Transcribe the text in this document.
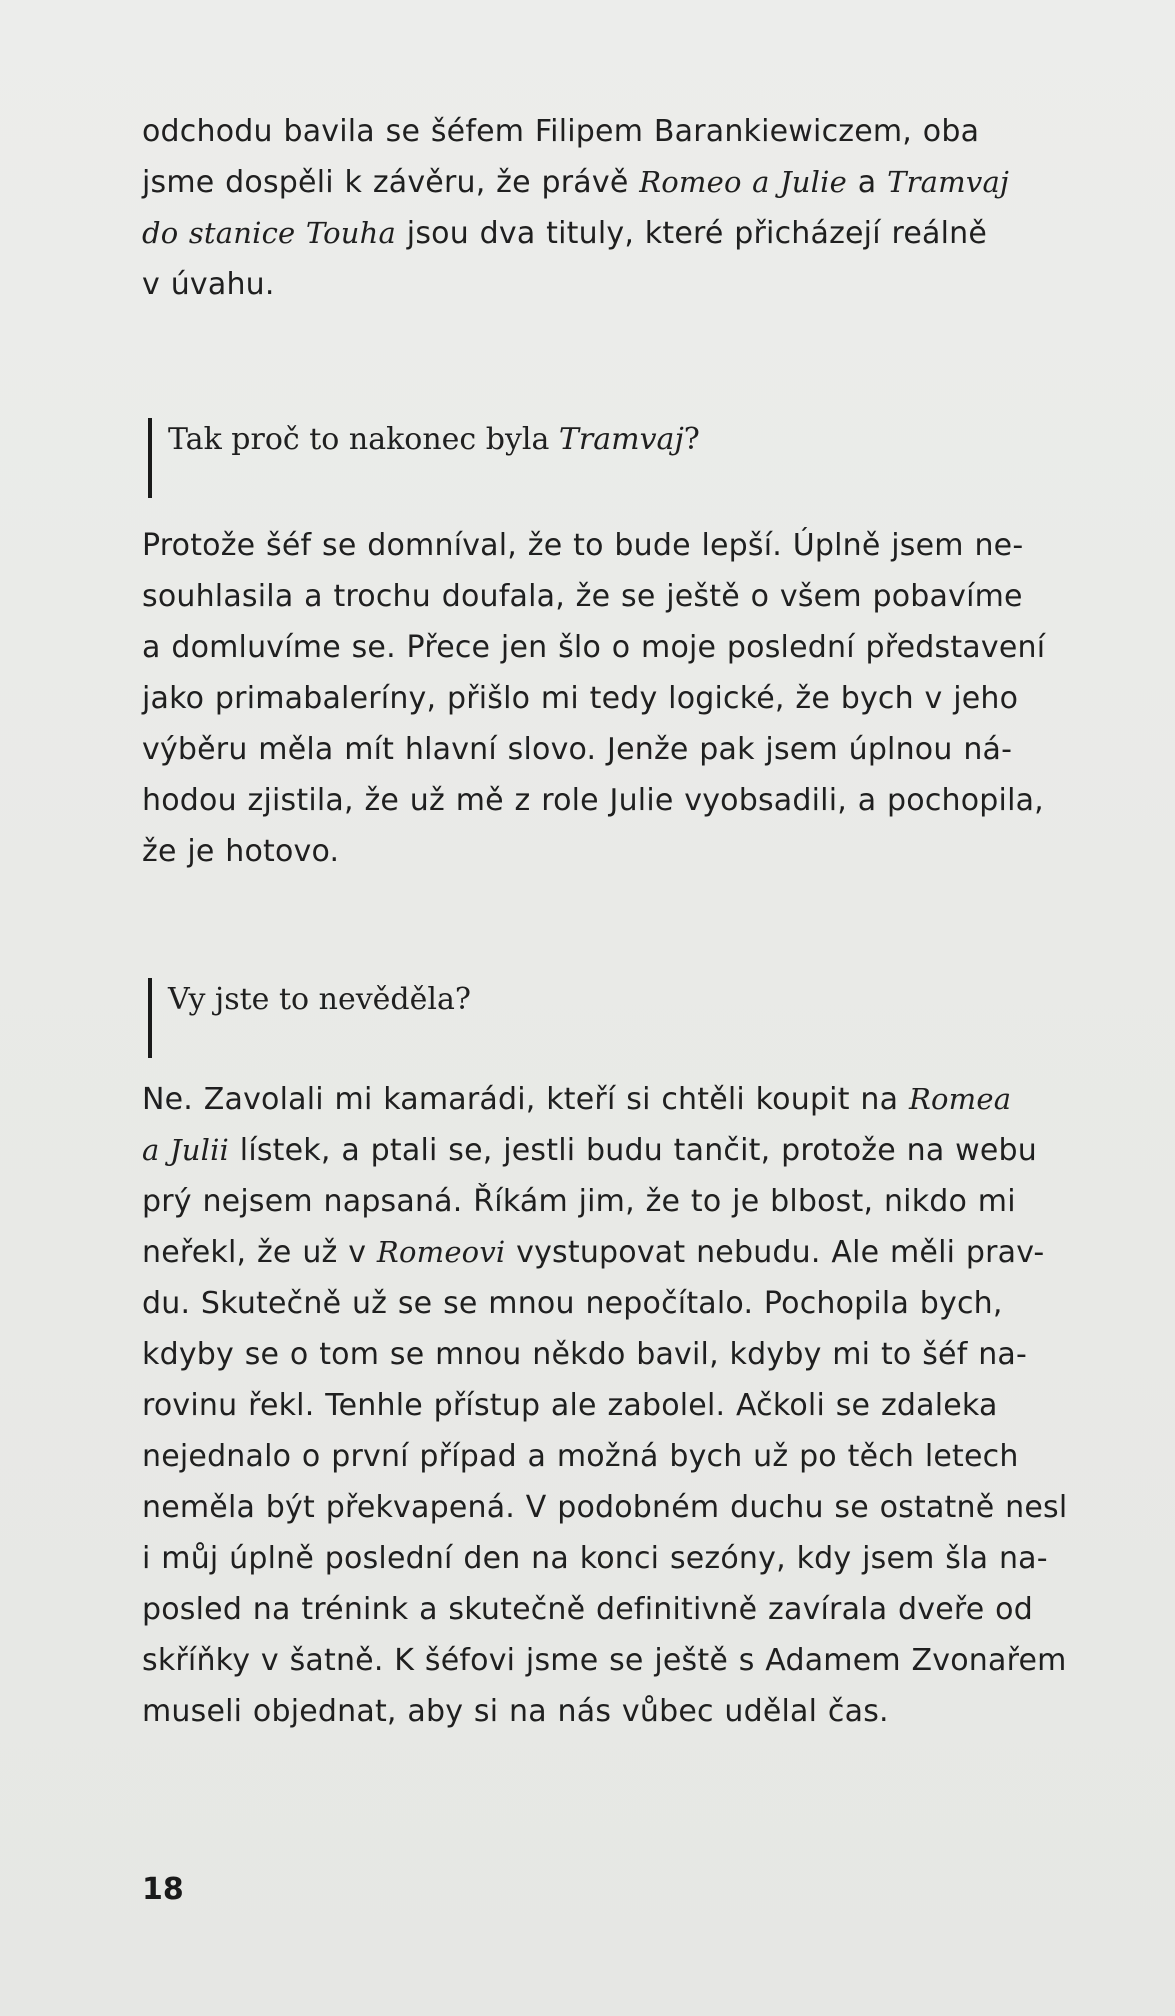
odchodu bavila se šéfem Filipem Barankiewiczem, oba

jsme dospěli k závěru, že právě Romeo a Julie a Tramvaj

do stanice Touha jsou dva tituly, které přicházejí reálně

v úvahu.

Tak proč to nakonec byla Tramvaj?

Protože šéf se domníval, že to bude lepší. Úplně jsem ne-

souhlasila a trochu doufala, že se ještě o všem pobavíme

a domluvíme se. Přece jen šlo o moje poslední představení

jako primabaleríny, přišlo mi tedy logické, že bych v jeho

výběru měla mít hlavní slovo. Jenže pak jsem úplnou ná-

hodou zjistila, že už mě z role Julie vyobsadili, a pochopila,

že je hotovo.

Vy jste to nevěděla?

Ne. Zavolali mi kamarádi, kteří si chtěli koupit na Romea

a Julii lístek, a ptali se, jestli budu tančit, protože na webu

prý nejsem napsaná. Říkám jim, že to je blbost, nikdo mi

neřekl, že už v Romeovi vystupovat nebudu. Ale měli prav-

du. Skutečně už se se mnou nepočítalo. Pochopila bych,

kdyby se o tom se mnou někdo bavil, kdyby mi to šéf na-

rovinu řekl. Tenhle přístup ale zabolel. Ačkoli se zdaleka

nejednalo o první případ a možná bych už po těch letech

neměla být překvapená. V podobném duchu se ostatně nesl

i můj úplně poslední den na konci sezóny, kdy jsem šla na-

posled na trénink a skutečně definitivně zavírala dveře od

skříňky v šatně. K šéfovi jsme se ještě s Adamem Zvonařem

museli objednat, aby si na nás vůbec udělal čas.

18
